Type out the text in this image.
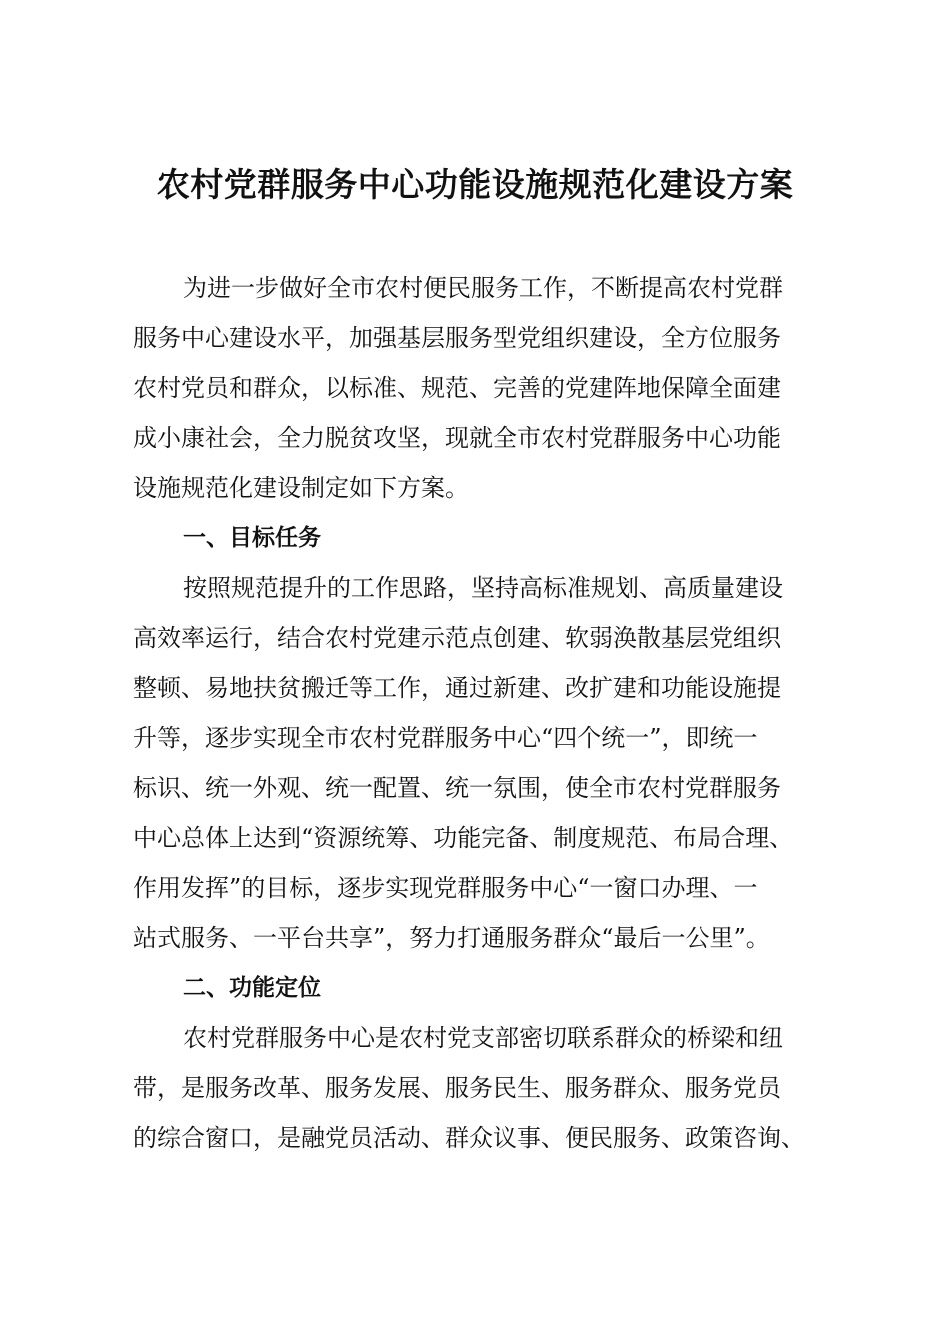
农村党群服务中心功能设施规范化建设方案
为进一步做好全市农村便民服务工作，不断提高农村党群
服务中心建设水平，加强基层服务型党组织建设，全方位服务
农村党员和群众，以标准、规范、完善的党建阵地保障全面建
成小康社会，全力脱贫攻坚，现就全市农村党群服务中心功能
设施规范化建设制定如下方案。
一、目标任务
按照规范提升的工作思路，坚持高标准规划、高质量建设
高效率运行，结合农村党建示范点创建、软弱涣散基层党组织
整顿、易地扶贫搬迁等工作，通过新建、改扩建和功能设施提
升等，逐步实现全市农村党群服务中心“四个统一”，即统一
标识、统一外观、统一配置、统一氛围，使全市农村党群服务
中心总体上达到“资源统筹、功能完备、制度规范、布局合理、
作用发挥”的目标，逐步实现党群服务中心“一窗口办理、一
站式服务、一平台共享”，努力打通服务群众“最后一公里”。
二、功能定位
农村党群服务中心是农村党支部密切联系群众的桥梁和纽
带，是服务改革、服务发展、服务民生、服务群众、服务党员
的综合窗口，是融党员活动、群众议事、便民服务、政策咨询、
